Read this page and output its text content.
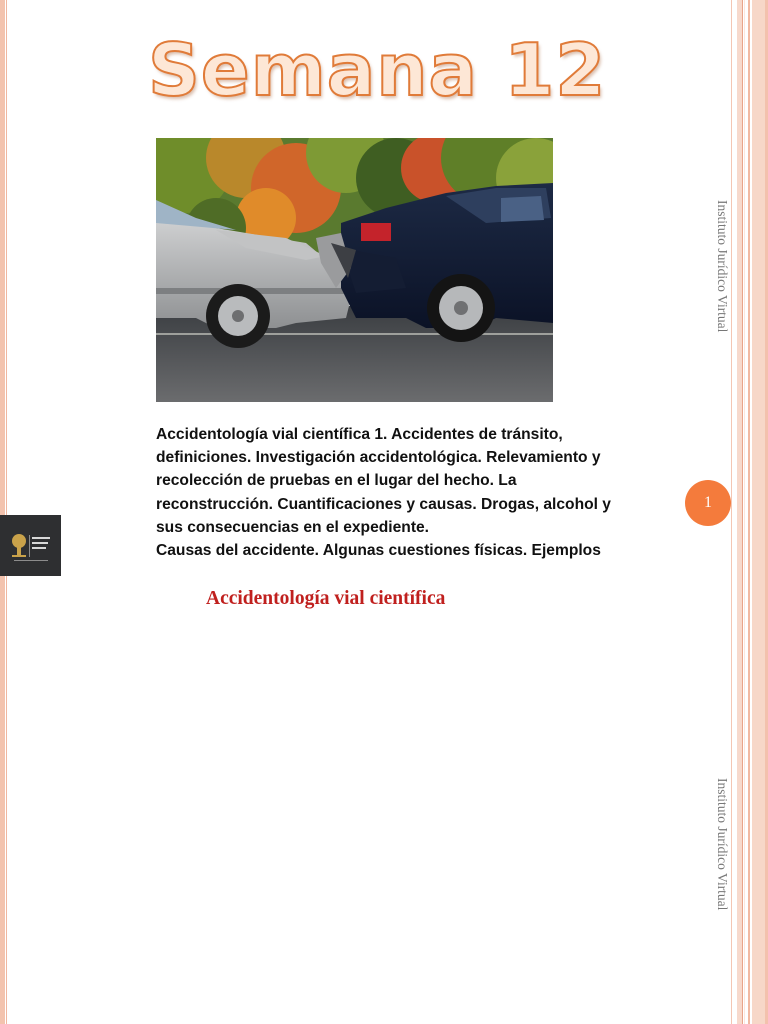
Semana 12

Accidentología vial científica 1. Accidentes de tránsito,

definiciones. Investigación accidentológica. Relevamiento y

recolección de pruebas en el lugar del hecho. La

reconstrucción. Cuantificaciones y causas. Drogas, alcohol y

sus consecuencias en el expediente.

Causas del accidente. Algunas cuestiones físicas. Ejemplos

Accidentología vial científica
Instituto Jurídico Virtual
Instituto Jurídico Virtual
1
